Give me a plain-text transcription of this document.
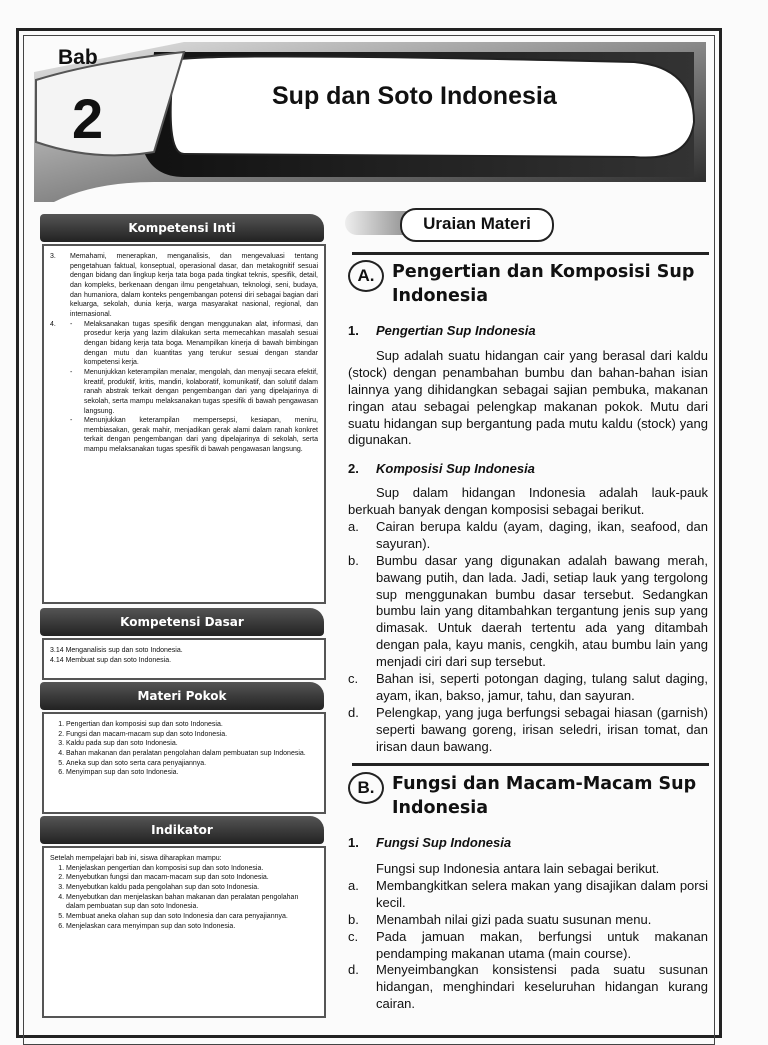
Bab
2	Sup dan Soto Indonesia
Kompetensi Inti
3.	Memahami, menerapkan, menganalisis, dan mengevaluasi tentang pengetahuan faktual, konseptual, operasional dasar, dan metakognitif sesuai dengan bidang dan lingkup kerja tata boga pada tingkat teknis, spesifik, detail, dan kompleks, berkenaan dengan ilmu pengetahuan, teknologi, seni, budaya, dan humaniora, dalam konteks pengembangan potensi diri sebagai bagian dari keluarga, sekolah, dunia kerja, warga masyarakat nasional, regional, dan internasional.
4.	-	Melaksanakan tugas spesifik dengan menggunakan alat, informasi, dan prosedur kerja yang lazim dilakukan serta memecahkan masalah sesuai dengan bidang kerja tata boga. Menampilkan kinerja di bawah bimbingan dengan mutu dan kuantitas yang terukur sesuai dengan standar kompetensi kerja.
-	Menunjukkan keterampilan menalar, mengolah, dan menyaji secara efektif, kreatif, produktif, kritis, mandiri, kolaboratif, komunikatif, dan solutif dalam ranah abstrak terkait dengan pengembangan dari yang dipelajarinya di sekolah, serta mampu melaksanakan tugas spesifik di bawah pengawasan langsung.
-	Menunjukkan keterampilan mempersepsi, kesiapan, meniru, membiasakan, gerak mahir, menjadikan gerak alami dalam ranah konkret terkait dengan pengembangan dari yang dipelajarinya di sekolah, serta mampu melaksanakan tugas spesifik di bawah pengawasan langsung.
Kompetensi Dasar
3.14 Menganalisis sup dan soto Indonesia.
4.14 Membuat sup dan soto Indonesia.
Materi Pokok
1. Pengertian dan komposisi sup dan soto Indonesia.
2. Fungsi dan macam-macam sup dan soto Indonesia.
3. Kaldu pada sup dan soto Indonesia.
4. Bahan makanan dan peralatan pengolahan dalam pembuatan sup Indonesia.
5. Aneka sup dan soto serta cara penyajiannya.
6. Menyimpan sup dan soto Indonesia.
Indikator
Setelah mempelajari bab ini, siswa diharapkan mampu:
1. Menjelaskan pengertian dan komposisi sup dan soto Indonesia.
2. Menyebutkan fungsi dan macam-macam sup dan soto Indonesia.
3. Menyebutkan kaldu pada pengolahan sup dan soto Indonesia.
4. Menyebutkan dan menjelaskan bahan makanan dan peralatan pengolahan dalam pembuatan sup dan soto Indonesia.
5. Membuat aneka olahan sup dan soto Indonesia dan cara penyajiannya.
6. Menjelaskan cara menyimpan sup dan soto Indonesia.
Uraian Materi
A.	Pengertian dan Komposisi Sup Indonesia
1. Pengertian Sup Indonesia
Sup adalah suatu hidangan cair yang berasal dari kaldu (stock) dengan penambahan bumbu dan bahan-bahan isian lainnya yang dihidangkan sebagai sajian pembuka, makanan ringan atau sebagai pelengkap makanan pokok. Mutu dari suatu hidangan sup bergantung pada mutu kaldu (stock) yang digunakan.
2. Komposisi Sup Indonesia
Sup dalam hidangan Indonesia adalah lauk-pauk berkuah banyak dengan komposisi sebagai berikut.
a.	Cairan berupa kaldu (ayam, daging, ikan, seafood, dan sayuran).
b.	Bumbu dasar yang digunakan adalah bawang merah, bawang putih, dan lada. Jadi, setiap lauk yang tergolong sup menggunakan bumbu dasar tersebut. Sedangkan bumbu lain yang ditambahkan tergantung jenis sup yang dimasak. Untuk daerah tertentu ada yang ditambah dengan pala, kayu manis, cengkih, atau bumbu lain yang menjadi ciri dari sup tersebut.
c.	Bahan isi, seperti potongan daging, tulang salut daging, ayam, ikan, bakso, jamur, tahu, dan sayuran.
d.	Pelengkap, yang juga berfungsi sebagai hiasan (garnish) seperti bawang goreng, irisan seledri, irisan tomat, dan irisan daun bawang.
B.	Fungsi dan Macam-Macam Sup Indonesia
1. Fungsi Sup Indonesia
Fungsi sup Indonesia antara lain sebagai berikut.
a.	Membangkitkan selera makan yang disajikan dalam porsi kecil.
b.	Menambah nilai gizi pada suatu susunan menu.
c.	Pada jamuan makan, berfungsi untuk makanan pendamping makanan utama (main course).
d.	Menyeimbangkan konsistensi pada suatu susunan hidangan, menghindari keseluruhan hidangan kurang cairan.
